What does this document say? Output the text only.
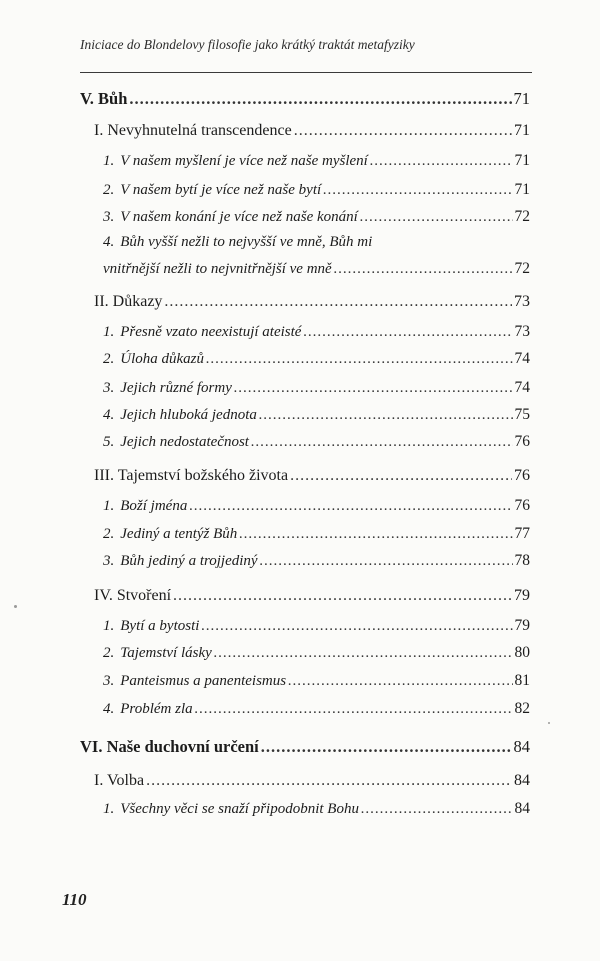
Iniciace do Blondelovy filosofie jako krátký traktát metafyziky
V. Bůh .....	71
I. Nevyhnutelná transcendence .....	71
1. V našem myšlení je více než naše myšlení .....	71
2. V našem bytí je více než naše bytí .....	71
3. V našem konání je více než naše konání .....	72
4. Bůh vyšší nežli to nejvyšší ve mně, Bůh mi
vnitřnější nežli to nejvnitřnější ve mně .....	72
II. Důkazy .....	73
1. Přesně vzato neexistují ateisté .....	73
2. Úloha důkazů .....	74
3. Jejich různé formy .....	74
4. Jejich hluboká jednota .....	75
5. Jejich nedostatečnost .....	76
III. Tajemství božského života .....	76
1. Boží jména .....	76
2. Jediný a tentýž Bůh .....	77
3. Bůh jediný a trojjediný .....	78
IV. Stvoření .....	79
1. Bytí a bytosti .....	79
2. Tajemství lásky .....	80
3. Panteismus a panenteismus .....	81
4. Problém zla .....	82
VI. Naše duchovní určení .....	84
I. Volba .....	84
1. Všechny věci se snaží připodobnit Bohu .....	84
110
